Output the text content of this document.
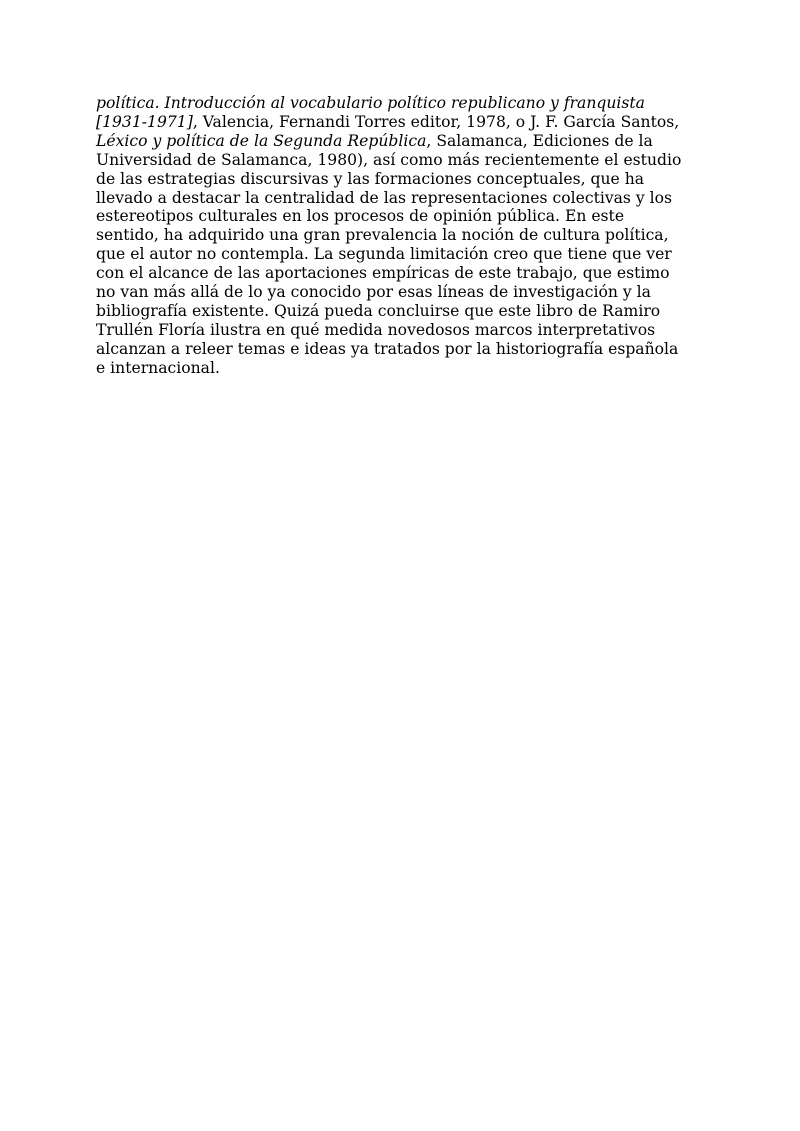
política. Introducción al vocabulario político republicano y franquista
[1931-1971], Valencia, Fernandi Torres editor, 1978, o J. F. García Santos,
Léxico y política de la Segunda República, Salamanca, Ediciones de la
Universidad de Salamanca, 1980), así como más recientemente el estudio
de las estrategias discursivas y las formaciones conceptuales, que ha
llevado a destacar la centralidad de las representaciones colectivas y los
estereotipos culturales en los procesos de opinión pública. En este
sentido, ha adquirido una gran prevalencia la noción de cultura política,
que el autor no contempla. La segunda limitación creo que tiene que ver
con el alcance de las aportaciones empíricas de este trabajo, que estimo
no van más allá de lo ya conocido por esas líneas de investigación y la
bibliografía existente. Quizá pueda concluirse que este libro de Ramiro
Trullén Floría ilustra en qué medida novedosos marcos interpretativos
alcanzan a releer temas e ideas ya tratados por la historiografía española
e internacional.
